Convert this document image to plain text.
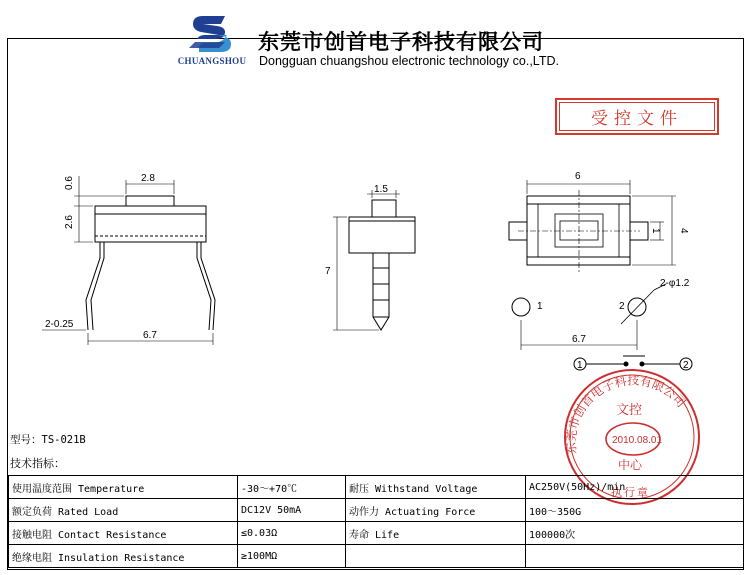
CHUANGSHOU
东莞市创首电子科技有限公司
Dongguan chuangshou electronic technology co.,LTD.
受控文件
2.8
0.6
2.6
2-0.25
6.7
1.5
7
6
4
1
2-φ1.2
6.7
1	2
1	2
东莞市创首电子科技有限公司
文控
2010.08.01
中心
执行章
型号：TS-021B
技术指标：
使用温度范围 Temperature	-30～+70℃	耐压 Withstand Voltage	AC250V(50Hz)/min
额定负荷 Rated Load	DC12V 50mA	动作力 Actuating Force	100～350G
接触电阻 Contact Resistance	≤0.03Ω	寿命 Life	100000次
绝缘电阻 Insulation Resistance	≥100MΩ		
